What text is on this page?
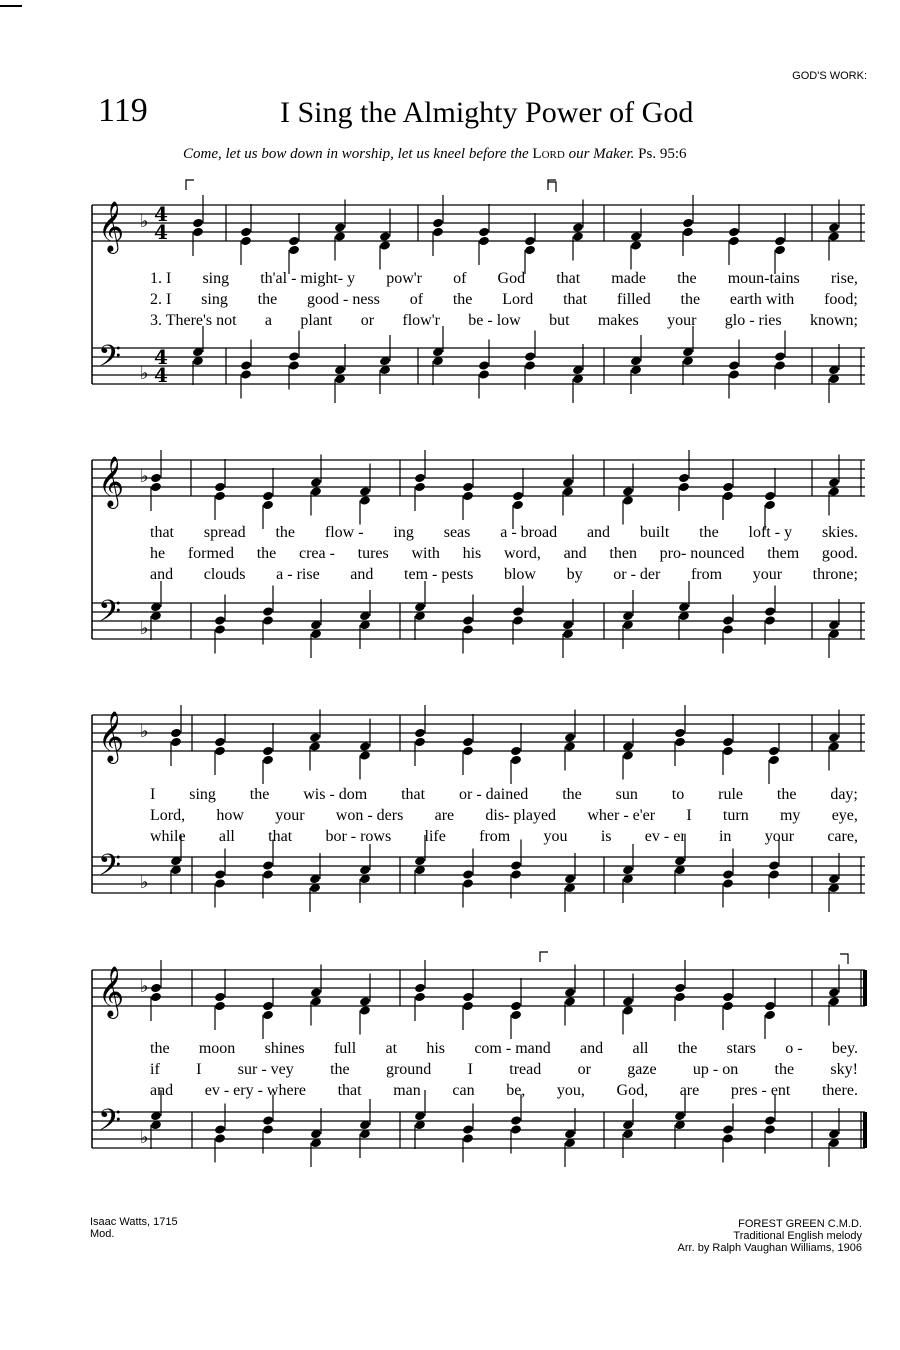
GOD'S WORK:
119	I Sing the Almighty Power of God
Come, let us bow down in worship, let us kneel before the Lord our Maker. Ps. 95:6
𝄞
𝄢
♭
♭
4
4
4
4
𝄞
𝄢
♭
♭
𝄞
𝄢
♭
♭
𝄞
𝄢
♭
♭
1. I sing th'al - might- y pow'r of God that made the moun-tains rise,
2. I sing the good - ness of the Lord that filled the earth with food;
3. There's not a plant or flow'r be - low but makes your glo - ries known;
that spread the flow - ing seas a - broad and built the loft - y skies.
he formed the crea - tures with his word, and then pro- nounced them good.
and clouds a - rise and tem - pests blow by or - der from your throne;
I sing the wis - dom that or - dained the sun to rule the day;
Lord, how your won - ders are dis- played wher - e'er I turn my eye,
while all that bor - rows life from you is ev - er in your care,
the moon shines full at his com - mand and all the stars o - bey.
if I sur - vey the ground I tread or gaze up - on the sky!
and ev - ery - where that man can be, you, God, are pres - ent there.
Isaac Watts, 1715
Mod.
FOREST GREEN C.M.D.
Traditional English melody
Arr. by Ralph Vaughan Williams, 1906
